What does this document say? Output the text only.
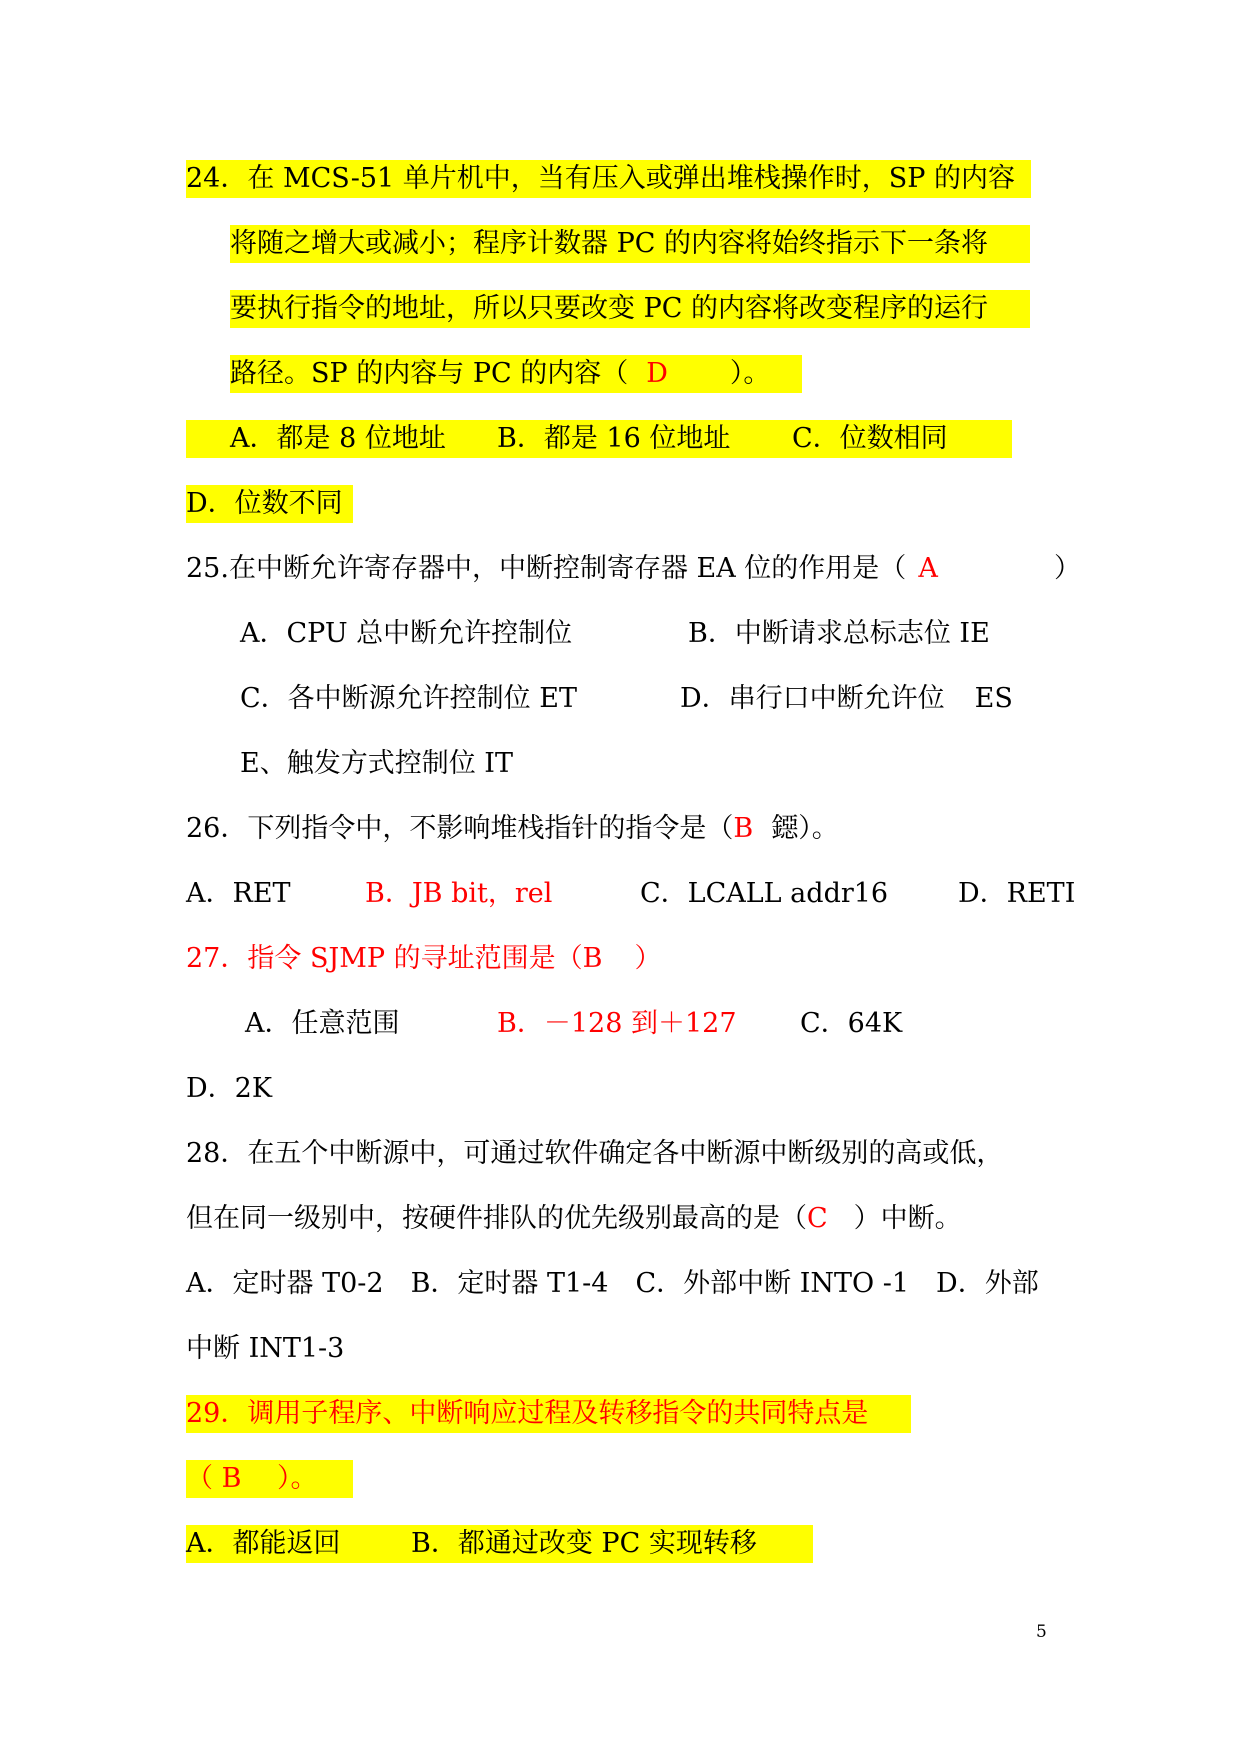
24．在 MCS-51 单片机中，当有压入或弹出堆栈操作时，SP 的内容
将随之增大或减小；程序计数器 PC 的内容将始终指示下一条将
要执行指令的地址，所以只要改变 PC 的内容将改变程序的运行
路径。SP 的内容与 PC 的内容（ D ）。
A．都是 8 位地址 B．都是 16 位地址 C．位数相同
D．位数不同
25.在中断允许寄存器中，中断控制寄存器 EA 位的作用是（ A	）
A．CPU 总中断允许控制位	B．中断请求总标志位 IE
C．各中断源允许控制位 ET	D．串行口中断允许位 ES
E、触发方式控制位 IT
26．下列指令中，不影响堆栈指针的指令是（B 鐚）。
A．RET	B．JB bit，rel	C．LCALL addr16	D．RETI
27．指令 SJMP 的寻址范围是（B ）
A．任意范围	B．－128 到＋127 C．64K
D．2K
28．在五个中断源中，可通过软件确定各中断源中断级别的高或低，
但在同一级别中，按硬件排队的优先级别最高的是（C ）中断。
A．定时器 T0-2　B．定时器 T1-4　C．外部中断 INTO -1　D．外部
中断 INT1-3
29．调用子程序、中断响应过程及转移指令的共同特点是
（ B　 ）。
A．都能返回	B．都通过改变 PC 实现转移
5
